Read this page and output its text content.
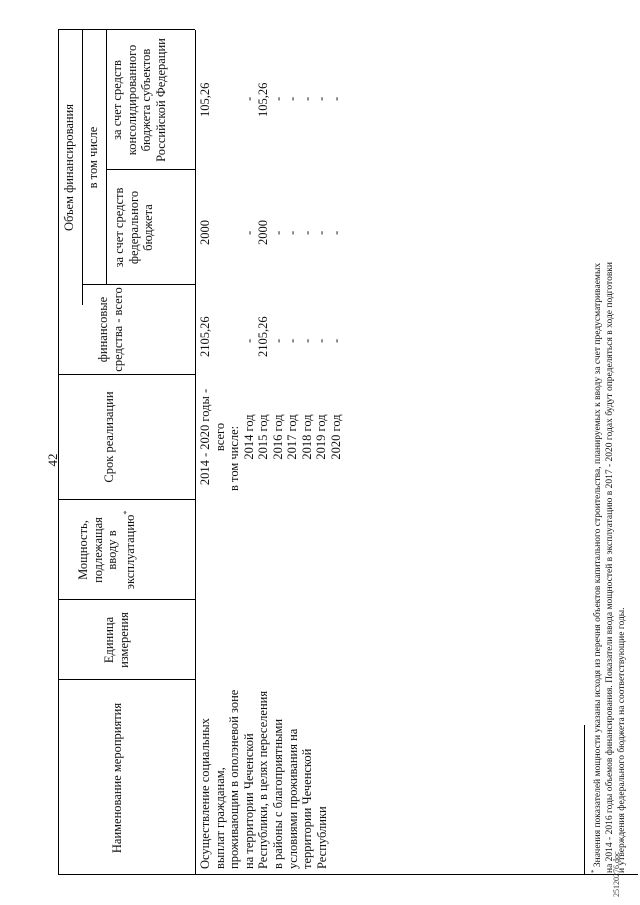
42
Наименование мероприятия
Единица измерения
Мощность, подлежащая вводу в эксплуатацию*
Срок реализации
Объем финансирования
финансовые средства - всего
в том числе
за счет средств федерального бюджета
за счет средств консолидированного бюджета субъектов Российской Федерации
Осуществление социальных выплат гражданам, проживающим в ополэневой зоне на территории Чеченской Республики, в целях переселения в районы с благоприятными условиями проживания на территории Чеченской Республики
2014 - 2020 годы - всего в том числе: 2014 год 2015 год 2016 год 2017 год 2018 год 2019 год 2020 год
2105,26 - 2105,26 - - - - -
2000 - 2000 - - - - -
105,26 - 105,26 - - - - -
* Значения показателей мощности указаны исходя из перечня объектов капитального строительства, планируемых к вводу за счет предусматриваемых на 2014 - 2016 годы объемов финансирования. Показатели ввода мощностей в эксплуатацию в 2017 - 2020 годах будут определяться в ходе подготовки и утверждения федерального бюджета на соответствующие годы.
25120276.doc
